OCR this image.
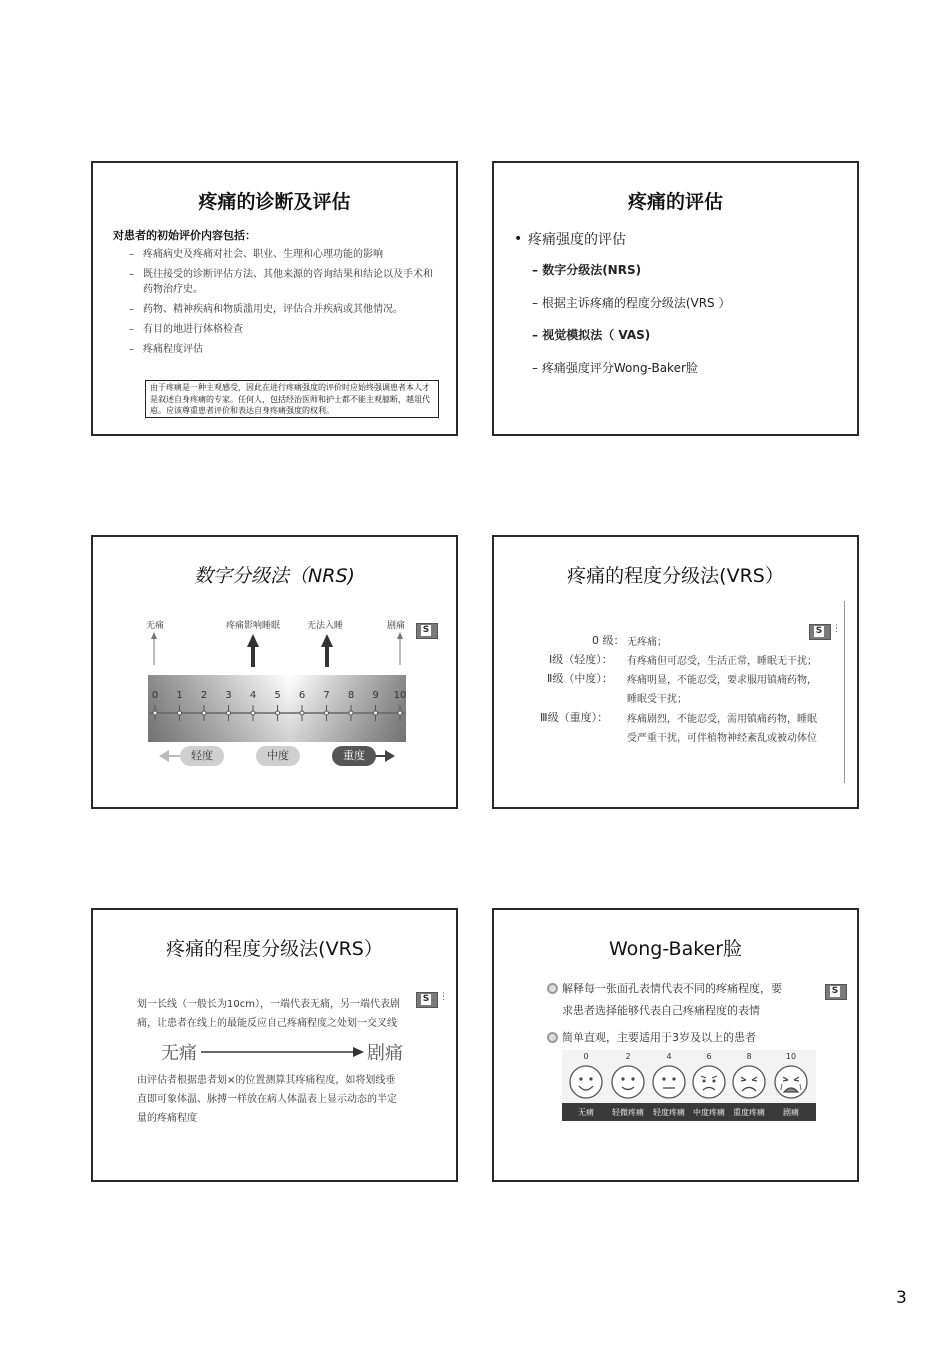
疼痛的诊断及评估
对患者的初始评价内容包括：
– 疼痛病史及疼痛对社会、职业、生理和心理功能的影响
– 既往接受的诊断评估方法、其他来源的咨询结果和结论以及手术和药物治疗史。
– 药物、精神疾病和物质滥用史，评估合并疾病或其他情况。
– 有目的地进行体格检查
– 疼痛程度评估
由于疼痛是一种主观感受，因此在进行疼痛强度的评价时应始终强调患者本人才是叙述自身疼痛的专家。任何人，包括经治医师和护士都不能主观臆断，越俎代庖。应该尊重患者评价和表达自身疼痛强度的权利。
疼痛的评估
• 疼痛强度的评估
– 数字分级法(NRS)
– 根据主诉疼痛的程度分级法(VRS ）
– 视觉模拟法（ VAS)
– 疼痛强度评分Wong-Baker脸
数字分级法（NRS)
无痛	疼痛影响睡眠	无法入睡	剧痛
S
0	1	2	3	4	5	6	7	8	9	10
轻度	中度	重度
疼痛的程度分级法(VRS）
S
⋮
0 级： 无疼痛；
Ⅰ级（轻度）： 有疼痛但可忍受，生活正常，睡眠无干扰；
Ⅱ级（中度）： 疼痛明显，不能忍受，要求服用镇痛药物，
睡眠受干扰；
Ⅲ级（重度）： 疼痛剧烈，不能忍受，需用镇痛药物，睡眠
受严重干扰，可伴植物神经紊乱或被动体位
疼痛的程度分级法(VRS）
划一长线（一般长为10cm），一端代表无痛，另一端代表剧
痛，让患者在线上的最能反应自己疼痛程度之处划一交叉线
S
⋮
无痛	剧痛
由评估者根据患者划×的位置测算其疼痛程度，如将划线垂
直即可象体温、脉搏一样放在病人体温表上显示动态的半定
量的疼痛程度
Wong-Baker脸
解释每一张面孔表情代表不同的疼痛程度，要
求患者选择能够代表自己疼痛程度的表情
S
简单直观，主要适用于3岁及以上的患者
0	2	4	6	8	10
无痛	轻微疼痛	轻度疼痛	中度疼痛	重度疼痛	剧痛
3
